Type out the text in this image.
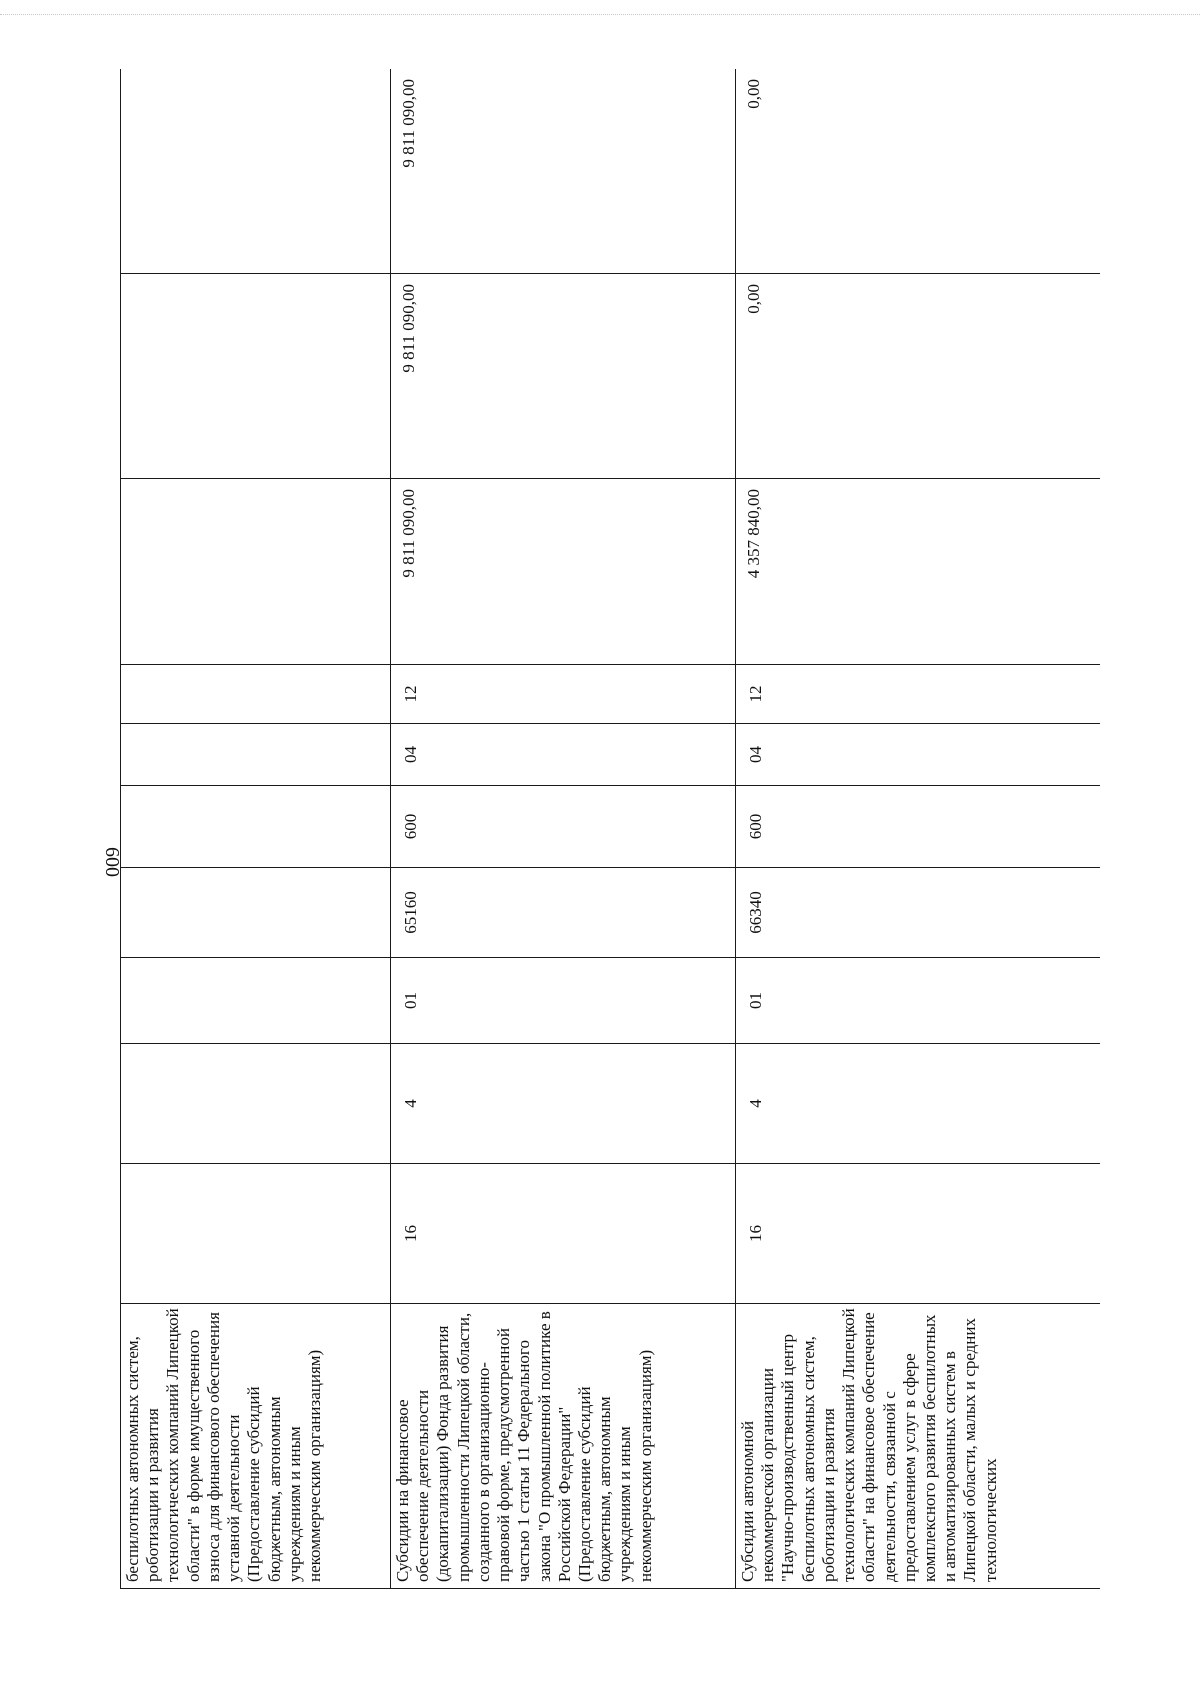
600
беспилотных автономных систем, роботизации и развития технологических компаний Липецкой области" в форме имущественного взноса для финансового обеспечения уставной деятельности (Предоставление субсидий бюджетным, автономным учреждениям и иным некоммерческим организациям)										
Субсидии на финансовое обеспечение деятельности (докапитализации) Фонда развития промышленности Липецкой области, созданного в организационно-правовой форме, предусмотренной частью 1 статьи 11 Федерального закона "О промышленной политике в Российской Федерации" (Предоставление субсидий бюджетным, автономным учреждениям и иным некоммерческим организациям)	16	4	01	65160	600	04	12	9 811 090,00	9 811 090,00	9 811 090,00
Субсидии автономной некоммерческой организации "Научно-производственный центр беспилотных автономных систем, роботизации и развития технологических компаний Липецкой области" на финансовое обеспечение деятельности, связанной с предоставлением услуг в сфере комплексного развития беспилотных и автоматизированных систем в Липецкой области, малых и средних технологических	16	4	01	66340	600	04	12	4 357 840,00	0,00	0,00
